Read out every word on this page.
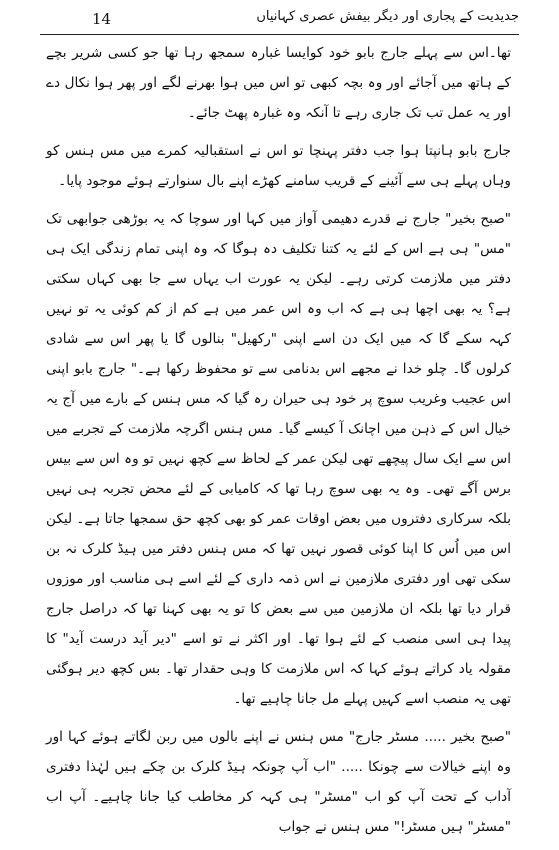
14	جدیدیت کے پجاری اور دیگر بیفش عصری کہانیاں

تھا۔اس سے پہلے جارج بابو خود کوایسا غبارہ سمجھ رہا تھا جو کسی شریر بچے کے ہاتھ میں آجائے اور وہ بچہ کبھی تو اس میں ہوا بھرنے لگے اور پھر ہوا نکال دے اور یہ عمل تب تک جاری رہے تا آنکہ وہ غبارہ پھٹ جائے۔

جارج بابو ہانپتا ہوا جب دفتر پہنچا تو اس نے استقبالیہ کمرے میں مس ہنس کو وہاں پہلے ہی سے آئینے کے قریب سامنے کھڑے اپنے بال سنوارتے ہوئے موجود پایا۔

"صبح بخیر" جارج نے قدرے دھیمی آواز میں کہا اور سوچا کہ یہ بوڑھی جوابھی تک "مس" ہی ہے اس کے لئے یہ کتنا تکلیف دہ ہوگا کہ وہ اپنی تمام زندگی ایک ہی دفتر میں ملازمت کرتی رہے۔ لیکن یہ عورت اب یہاں سے جا بھی کہاں سکتی ہے؟ یہ بھی اچھا ہی ہے کہ اب وہ اس عمر میں ہے کم از کم کوئی یہ تو نہیں کہہ سکے گا کہ میں ایک دن اسے اپنی "رکھیل" بنالوں گا یا پھر اس سے شادی کرلوں گا۔ چلو خدا نے مجھے اس بدنامی سے تو محفوظ رکھا ہے۔" جارج بابو اپنی اس عجیب وغریب سوچ پر خود ہی حیران رہ گیا کہ مس ہنس کے بارے میں آج یہ خیال اس کے ذہن میں اچانک آ کیسے گیا۔ مس ہنس اگرچہ ملازمت کے تجربے میں اس سے ایک سال پیچھے تھی لیکن عمر کے لحاظ سے کچھ نہیں تو وہ اس سے بیس برس آگے تھی۔ وہ یہ بھی سوچ رہا تھا کہ کامیابی کے لئے محض تجربہ ہی نہیں بلکہ سرکاری دفتروں میں بعض اوقات عمر کو بھی کچھ حق سمجھا جاتا ہے۔ لیکن اس میں اُس کا اپنا کوئی قصور نہیں تھا کہ مس ہنس دفتر میں ہیڈ کلرک نہ بن سکی تھی اور دفتری ملازمین نے اس ذمہ داری کے لئے اسے ہی مناسب اور موزوں قرار دیا تھا بلکہ ان ملازمین میں سے بعض کا تو یہ بھی کہنا تھا کہ دراصل جارج پیدا ہی اسی منصب کے لئے ہوا تھا۔ اور اکثر نے تو اسے "دیر آید درست آید" کا مقولہ یاد کراتے ہوئے کہا کہ اس ملازمت کا وہی حقدار تھا۔ بس کچھ دیر ہوگئی تھی یہ منصب اسے کہیں پہلے مل جانا چاہیے تھا۔

"صبح بخیر ..... مسٹر جارج" مس ہنس نے اپنے بالوں میں ربن لگاتے ہوئے کہا اور وہ اپنے خیالات سے چونکا ..... "اب آپ چونکہ ہیڈ کلرک بن چکے ہیں لہٰذا دفتری آداب کے تحت آپ کو اب "مسٹر" ہی کہہ کر مخاطب کیا جانا چاہیے۔ آپ اب "مسٹر" ہیں مسٹر!" مس ہنس نے جواب
